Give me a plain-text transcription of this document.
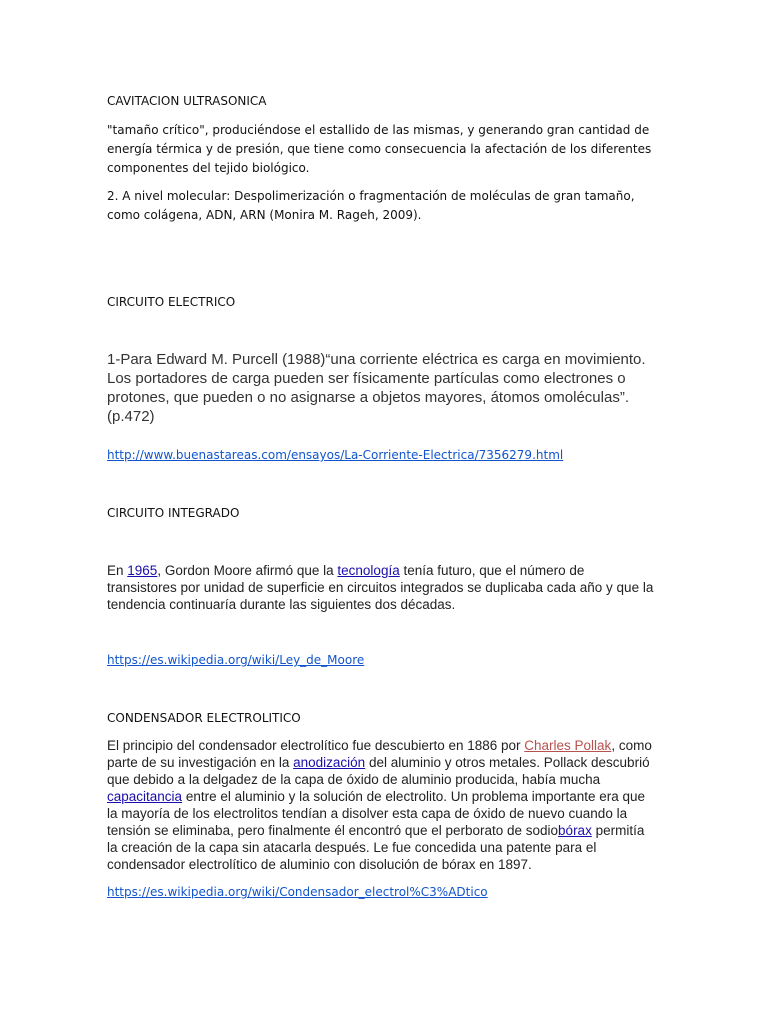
CAVITACION ULTRASONICA

"tamaño crítico", produciéndose el estallido de las mismas, y generando gran cantidad de energía térmica y de presión, que tiene como consecuencia la afectación de los diferentes componentes del tejido biológico.

2. A nivel molecular: Despolimerización o fragmentación de moléculas de gran tamaño, como colágena, ADN, ARN (Monira M. Rageh, 2009).

CIRCUITO ELECTRICO

1-Para Edward M. Purcell (1988)“una corriente eléctrica es carga en movimiento. Los portadores de carga pueden ser físicamente partículas como electrones o protones, que pueden o no asignarse a objetos mayores, átomos omoléculas”. (p.472)

http://www.buenastareas.com/ensayos/La-Corriente-Electrica/7356279.html
CIRCUITO INTEGRADO

En 1965, Gordon Moore afirmó que la tecnología tenía futuro, que el número de transistores por unidad de superficie en circuitos integrados se duplicaba cada año y que la tendencia continuaría durante las siguientes dos décadas.

https://es.wikipedia.org/wiki/Ley_de_Moore
CONDENSADOR ELECTROLITICO

El principio del condensador electrolítico fue descubierto en 1886 por Charles Pollak, como parte de su investigación en la anodización del aluminio y otros metales. Pollack descubrió que debido a la delgadez de la capa de óxido de aluminio producida, había mucha capacitancia entre el aluminio y la solución de electrolito. Un problema importante era que la mayoría de los electrolitos tendían a disolver esta capa de óxido de nuevo cuando la tensión se eliminaba, pero finalmente él encontró que el perborato de sodiobórax permitía la creación de la capa sin atacarla después. Le fue concedida una patente para el condensador electrolítico de aluminio con disolución de bórax en 1897.

https://es.wikipedia.org/wiki/Condensador_electrol%C3%ADtico
